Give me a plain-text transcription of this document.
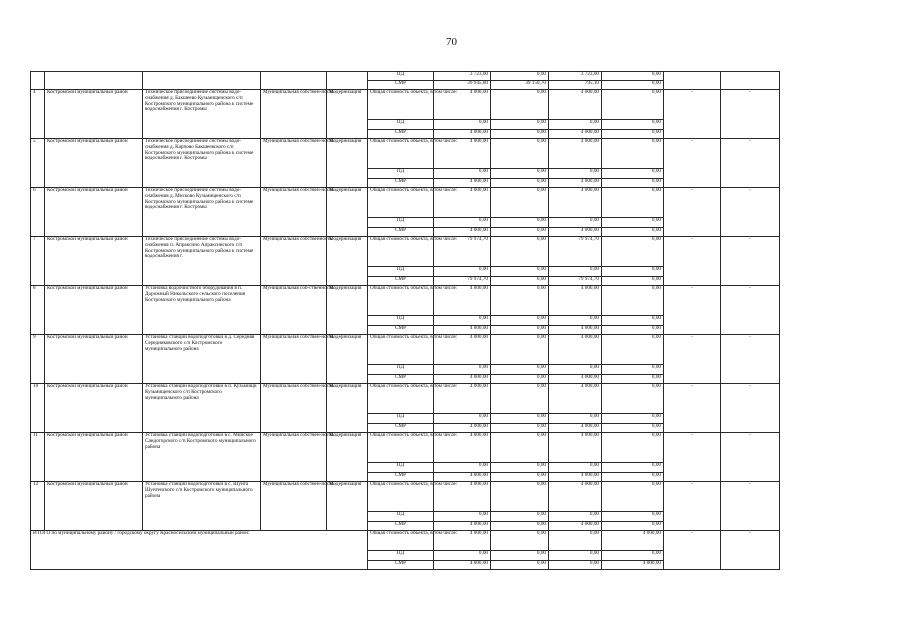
70
					ПД	3 723,00	0,00	3 723,00	0,00		
					СМР	39 945,80	39 150,70	795,10	0,00		
4	Костромской муниципальный район	Техническое присоединение системы водо-снабжения д. Бакшеево Кузьмищенского с/п Костромского муниципального района к системе водоснабжения г. Костромы	Муниципальная собствен-ность	Модернизация	Общая стоимость объекта, в том числе:	4 000,00	0,00	4 000,00	0,00	-	-
					ПД	0,00	0,00	0,00	0,00		
					СМР	4 000,00	0,00	4 000,00	0,00		
5	Костромской муниципальный район	Техническое присоединение системы водо-снабжения д. Карпово Бакшеевского с/п Костромского муниципального района к системе водоснабжения г. Костромы	Муниципальная собствен-ность	Модернизация	Общая стоимость объекта, в том числе:	4 000,00	0,00	4 000,00	0,00	-	-
					ПД	0,00	0,00	0,00	0,00		
					СМР	4 000,00	0,00	4 000,00	0,00		
6	Костромской муниципальный район	Техническое присоединение системы водо-снабжения д. Мисково Кузьмищенского с/п Костромского муниципального района к системе водоснабжения г. Костромы	Муниципальная собствен-ность	Модернизация	Общая стоимость объекта, в том числе:	4 000,00	0,00	4 000,00	0,00	-	-
					ПД	0,00	0,00	0,00	0,00		
					СМР	4 000,00	0,00	4 000,00	0,00		
7	Костромской муниципальный район	Техническое присоединение системы водо-снабжения п. Апраксино Апраксинского с/п Костромского муниципального района к системе водоснабжения г.	Муниципальная собственность	Модернизация	Общая стоимость объекта, в том числе:	79 974,70	0,00	79 974,70	0,00	-	-
					ПД	0,00	0,00	0,00	0,00		
					СМР	79 974,70	0,00	79 974,70	0,00		
8	Костромской муниципальный район	Установка водоочистного оборудования в п. Дорожный Никольского сельского поселения Костромского муниципального района	Муниципальная соб-ственность	Модернизация	Общая стоимость объекта, в том числе:	4 000,00	0,00	4 000,00	0,00	-	-
					ПД	0,00	0,00	0,00	0,00		
					СМР	4 000,00	0,00	4 000,00	0,00		
9	Костромской муниципальный район	Установка станции водоподготовки в д. Середняя Середняковского с/п Костромского муниципального района	Муниципальная собствен-ность	Модернизация	Общая стоимость объекта, в том числе:	4 000,00	0,00	4 000,00	0,00	-	-
					ПД	0,00	0,00	0,00	0,00		
					СМР	4 000,00	0,00	4 000,00	0,00		
10	Костромской муниципальный район	Установка станции водоподготовки в п. Кузьмищи Кузьмищенского с/п Костромского муниципального района	Муниципальная собствен-ность	Модернизация	Общая стоимость объекта, в том числе:	4 000,00	0,00	4 000,00	0,00	-	-
					ПД	0,00	0,00	0,00	0,00		
					СМР	4 000,00	0,00	4 000,00	0,00		
11	Костромской муниципальный район	Установка станции водоподготовки в с. Минское Сандогорского с/п Костромского муниципального района	Муниципальная собствен-ность	Модернизация	Общая стоимость объекта, в том числе:	4 000,00	0,00	4 000,00	0,00	-	-
					ПД	0,00	0,00	0,00	0,00		
					СМР	4 000,00	0,00	4 000,00	0,00		
12	Костромской муниципальный район	Установка станции водоподготовки в с. Шунга Шунгенского с/п Костромского муниципального района	Муниципальная собствен-ность	Модернизация	Общая стоимость объекта, в том числе:	4 000,00	0,00	4 000,00	0,00	-	-
					ПД	0,00	0,00	0,00	0,00		
					СМР	4 000,00	0,00	4 000,00	0,00		
ИТОГО по муниципальному району / городскому округу Красносельский муниципальный район:					Общая стоимость объекта, в том числе:	4 000,00	0,00	0,00	4 000,00	-	-
					ПД	0,00	0,00	0,00	0,00		
					СМР	4 000,00	0,00	0,00	4 000,00		
